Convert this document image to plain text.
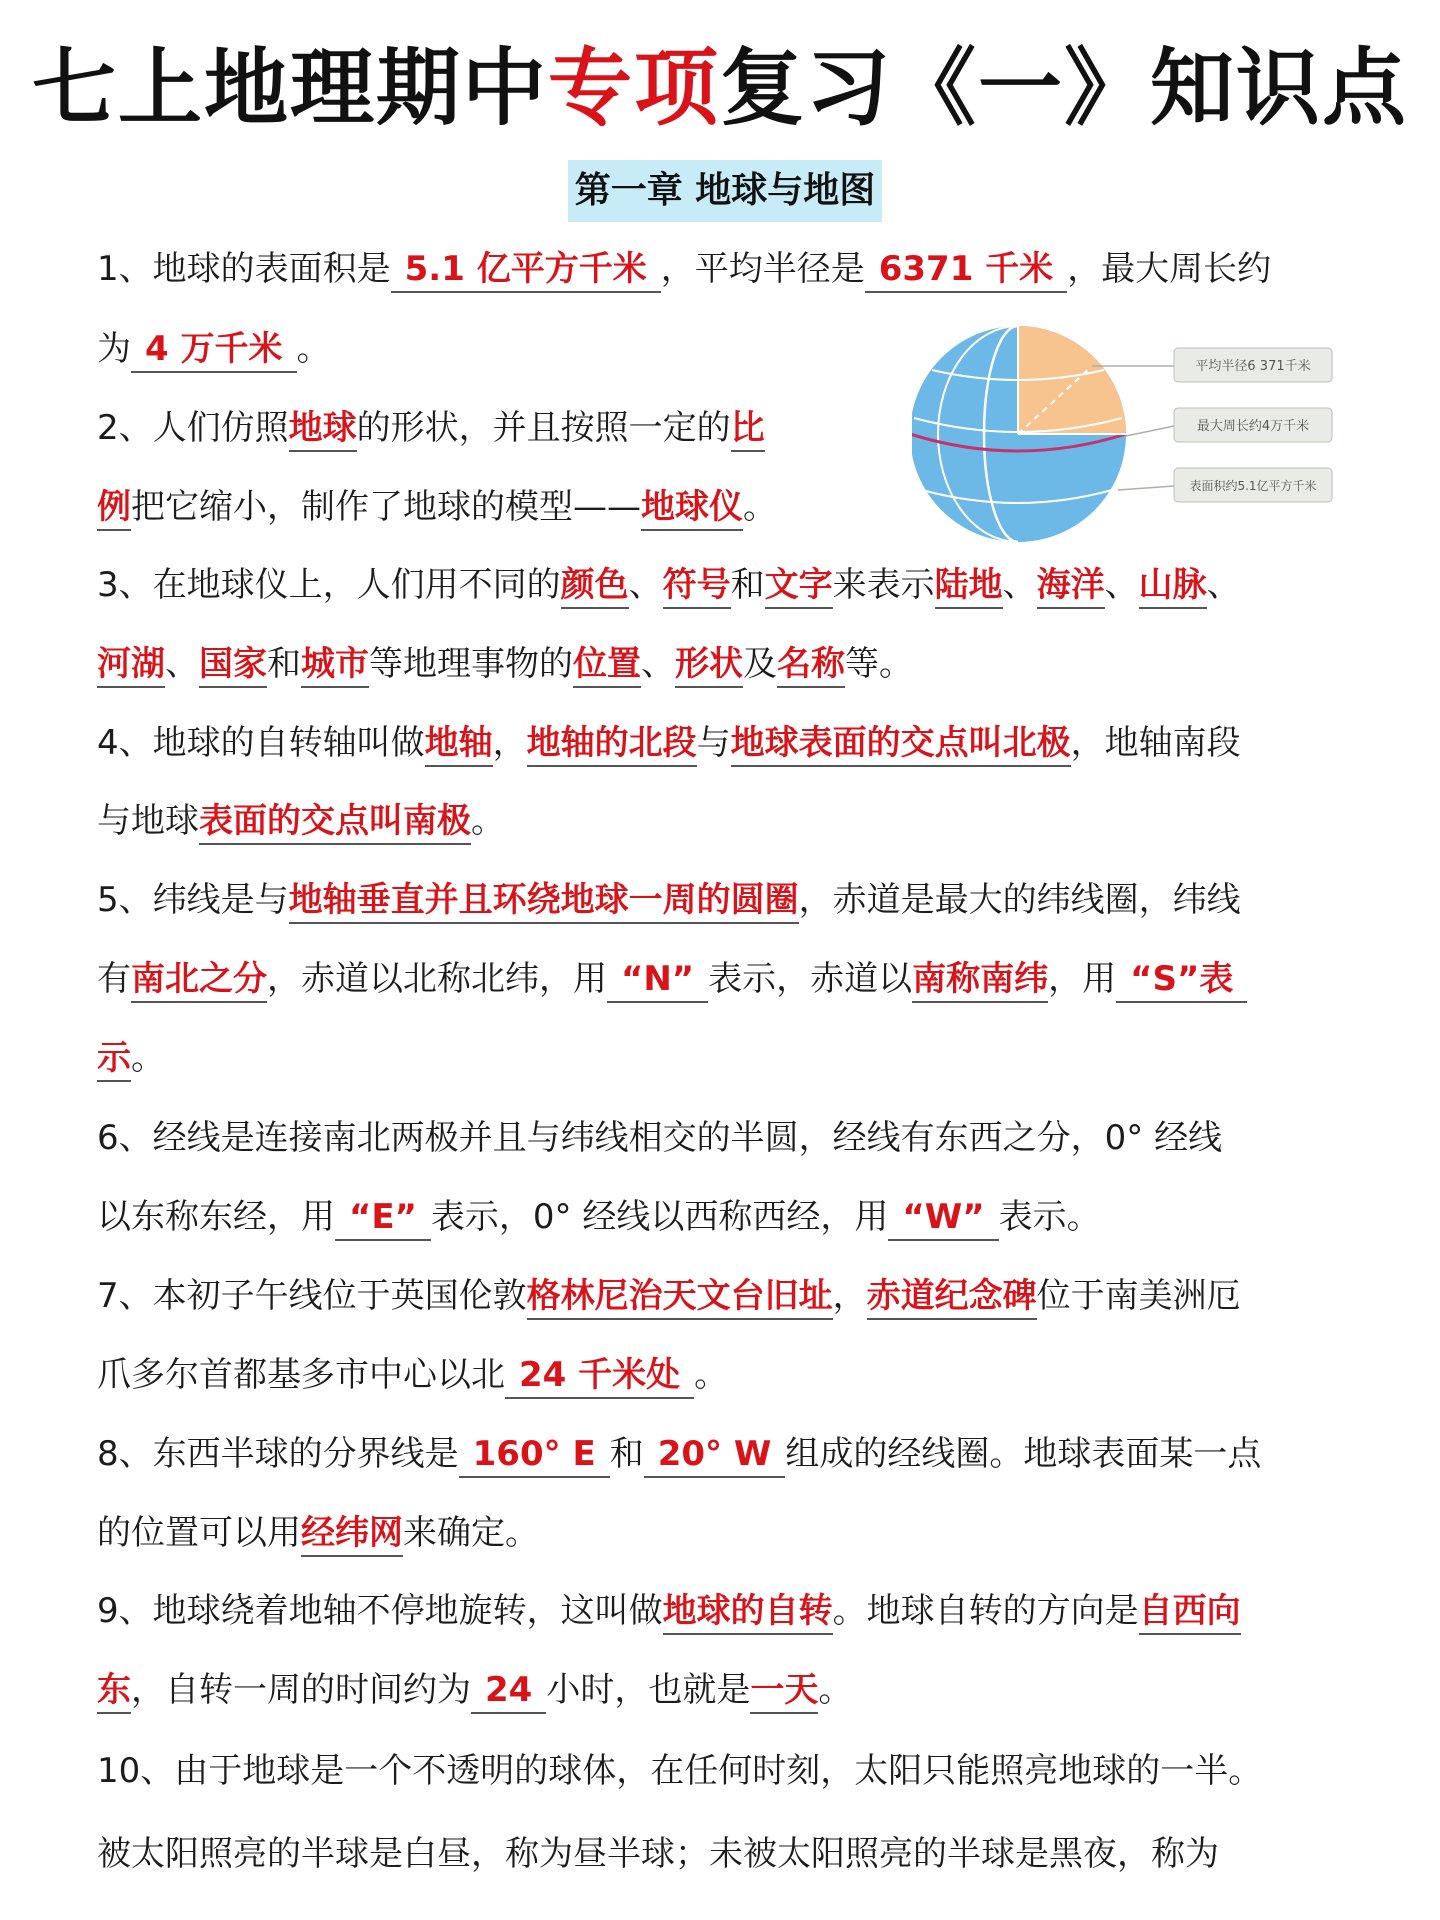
七上地理期中专项复习《一》知识点
第一章 地球与地图
平均半径6 371千米
最大周长约4万千米
表面积约5.1亿平方千米
1、地球的表面积是 5.1 亿平方千米 ，平均半径是 6371 千米 ，最大周长约
为 4 万千米 。
2、人们仿照地球的形状，并且按照一定的比
例把它缩小，制作了地球的模型——地球仪。
3、在地球仪上，人们用不同的颜色、符号和文字来表示陆地、海洋、山脉、
河湖、国家和城市等地理事物的位置、形状及名称等。
4、地球的自转轴叫做地轴，地轴的北段与地球表面的交点叫北极，地轴南段
与地球表面的交点叫南极。
5、纬线是与地轴垂直并且环绕地球一周的圆圈，赤道是最大的纬线圈，纬线
有南北之分，赤道以北称北纬，用 “N” 表示，赤道以南称南纬，用 “S”表
示。
6、经线是连接南北两极并且与纬线相交的半圆，经线有东西之分，0° 经线
以东称东经，用 “E” 表示，0° 经线以西称西经，用 “W” 表示。
7、本初子午线位于英国伦敦格林尼治天文台旧址，赤道纪念碑位于南美洲厄
爪多尔首都基多市中心以北 24 千米处 。
8、东西半球的分界线是 160° E 和 20° W 组成的经线圈。地球表面某一点
的位置可以用经纬网来确定。
9、地球绕着地轴不停地旋转，这叫做地球的自转。地球自转的方向是自西向
东，自转一周的时间约为 24 小时，也就是一天。
10、由于地球是一个不透明的球体，在任何时刻，太阳只能照亮地球的一半。
被太阳照亮的半球是白昼，称为昼半球；未被太阳照亮的半球是黑夜，称为
